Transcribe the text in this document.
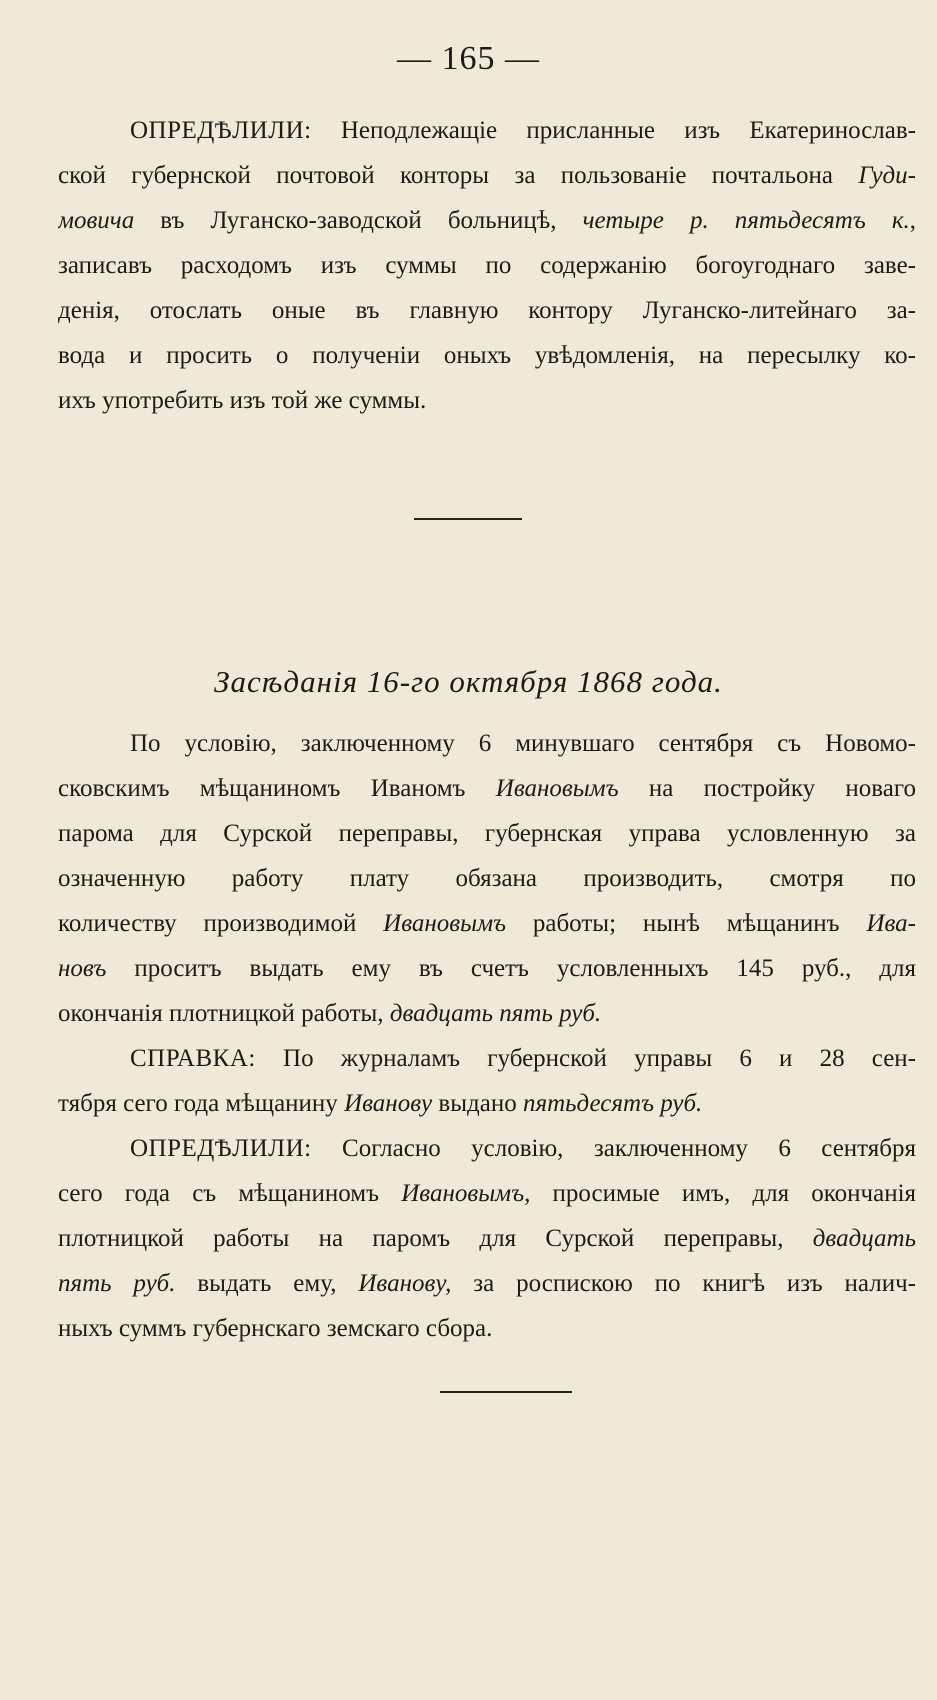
— 165 —
ОПРЕДѢЛИЛИ: Неподлежащіе присланные изъ Екатеринослав-
ской губернской почтовой конторы за пользованіе почтальона Гуди-
мовича въ Луганско-заводской больницѣ, четыре р. пятьдесятъ к.,
записавъ расходомъ изъ суммы по содержанію богоугоднаго заве-
денія, отослать оные въ главную контору Луганско-литейнаго за-
вода и просить о полученіи оныхъ увѣдомленія, на пересылку ко-
ихъ употребить изъ той же суммы.
Засѣданія 16-го октября 1868 года.
По условію, заключенному 6 минувшаго сентября съ Новомо-
сковскимъ мѣщаниномъ Иваномъ Ивановымъ на постройку новаго
парома для Сурской переправы, губернская управа условленную за
означенную работу плату обязана производить, смотря по
количеству производимой Ивановымъ работы; нынѣ мѣщанинъ Ива-
новъ проситъ выдать ему въ счетъ условленныхъ 145 руб., для
окончанія плотницкой работы, двадцать пять руб.
СПРАВКА: По журналамъ губернской управы 6 и 28 сен-
тября сего года мѣщанину Иванову выдано пятьдесятъ руб.
ОПРЕДѢЛИЛИ: Согласно условію, заключенному 6 сентября
сего года съ мѣщаниномъ Ивановымъ, просимые имъ, для окончанія
плотницкой работы на паромъ для Сурской переправы, двадцать
пять руб. выдать ему, Иванову, за роспискою по книгѣ изъ налич-
ныхъ суммъ губернскаго земскаго сбора.
